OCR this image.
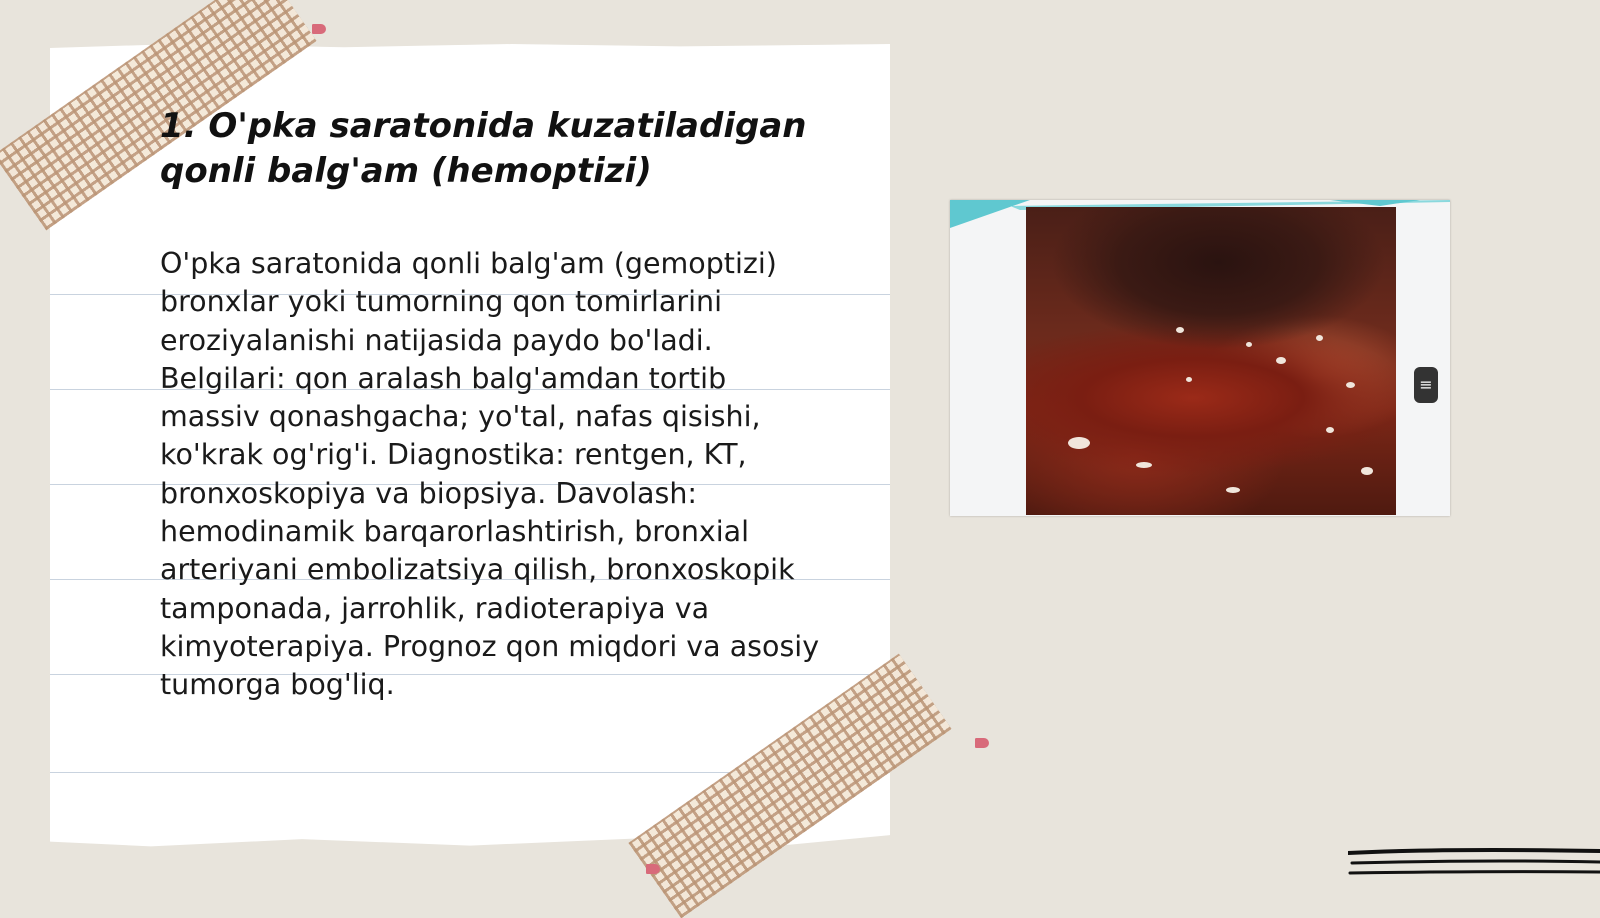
1. O'pka saratonida kuzatiladigan qonli balg'am (hemoptizi)

O'pka saratonida qonli balg'am (gemoptizi) bronxlar yoki tumorning qon tomirlarini eroziyalanishi natijasida paydo bo'ladi. Belgilari: qon aralash balg'amdan tortib massiv qonashgacha; yo'tal, nafas qisishi, ko'krak og'rig'i. Diagnostika: rentgen, KT, bronxoskopiya va biopsiya. Davolash: hemodinamik barqarorlashtirish, bronxial arteriyani embolizatsiya qilish, bronxoskopik tamponada, jarrohlik, radioterapiya va kimyoterapiya. Prognoz qon miqdori va asosiy tumorga bog'liq.

≡
